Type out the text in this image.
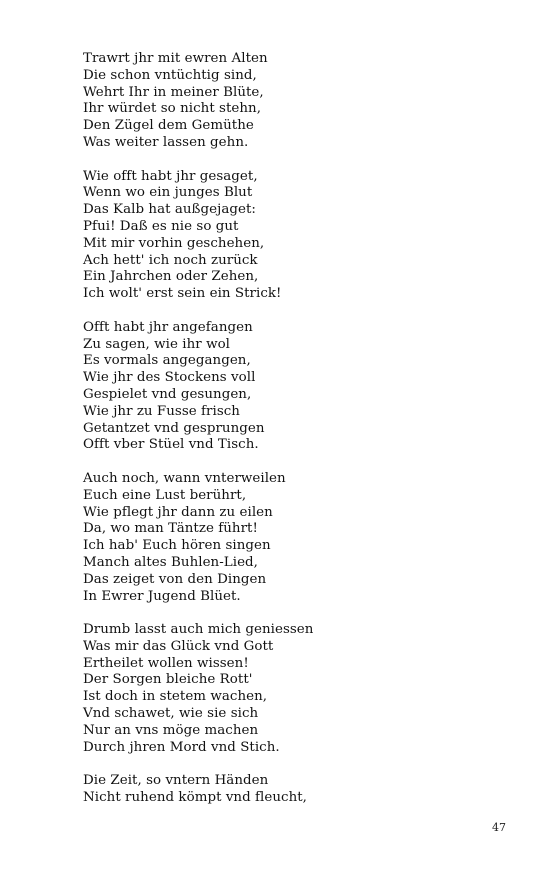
Trawrt jhr mit ewren Alten
Die schon vntüchtig sind,
Wehrt Ihr in meiner Blüte,
Ihr würdet so nicht stehn,
Den Zügel dem Gemüthe
Was weiter lassen gehn.
Wie offt habt jhr gesaget,
Wenn wo ein junges Blut
Das Kalb hat außgejaget:
Pfui! Daß es nie so gut
Mit mir vorhin geschehen,
Ach hett' ich noch zurück
Ein Jahrchen oder Zehen,
Ich wolt' erst sein ein Strick!
Offt habt jhr angefangen
Zu sagen, wie ihr wol
Es vormals angegangen,
Wie jhr des Stockens voll
Gespielet vnd gesungen,
Wie jhr zu Fusse frisch
Getantzet vnd gesprungen
Offt vber Stüel vnd Tisch.
Auch noch, wann vnterweilen
Euch eine Lust berührt,
Wie pflegt jhr dann zu eilen
Da, wo man Täntze führt!
Ich hab' Euch hören singen
Manch altes Buhlen-Lied,
Das zeiget von den Dingen
In Ewrer Jugend Blüet.
Drumb lasst auch mich geniessen
Was mir das Glück vnd Gott
Ertheilet wollen wissen!
Der Sorgen bleiche Rott'
Ist doch in stetem wachen,
Vnd schawet, wie sie sich
Nur an vns möge machen
Durch jhren Mord vnd Stich.
Die Zeit, so vntern Händen
Nicht ruhend kömpt vnd fleucht,
47
